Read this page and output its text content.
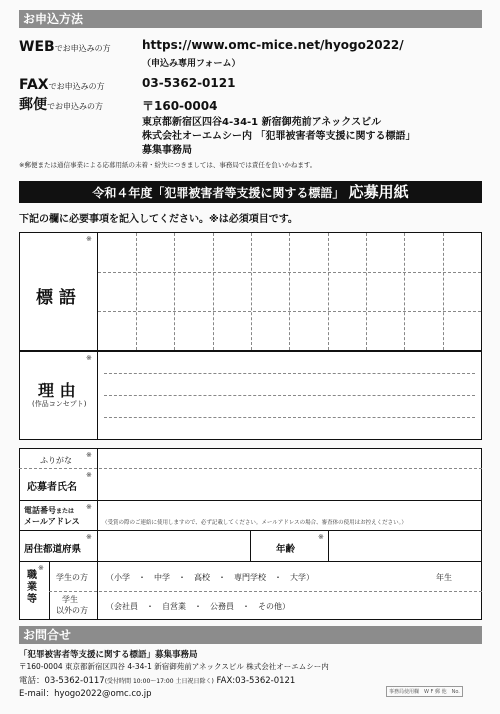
お申込方法
WEBでお申込みの方	https://www.omc-mice.net/hyogo2022/
（申込み専用フォーム）
FAXでお申込みの方	03-5362-0121
郵便でお申込みの方	〒160-0004
東京都新宿区四谷4-34-1 新宿御苑前アネックスビル
株式会社オーエムシー内 「犯罪被害者等支援に関する標語」
募集事務局
※郵便または通信事業による応募用紙の未着・紛失につきましては、事務局では責任を負いかねます。
令和４年度「犯罪被害者等支援に関する標語」 応募用紙
下記の欄に必要事項を記入してください。※は必須項目です。
標 語
※
理 由
(作品コンセプト)
※
ふりがな
※
応募者氏名
※
電話番号または
メールアドレス
※
（受賞の際のご連絡に使用しますので、必ず記載してください。メールアドレスの場合、審査体の使用はお控えください。）
居住都道府県
※
年齢
※
※
職業等
学生の方 （小学　・　中学　・　高校　・　専門学校　・　大学）	年生
学生
以外の方 （会社員　・　自営業　・　公務員　・　その他）
お問合せ
「犯罪被害者等支援に関する標語」募集事務局
〒160-0004 東京都新宿区四谷 4-34-1 新宿御苑前アネックスビル 株式会社オーエムシー内
電話：03-5362-0117(受付時間 10:00～17:00 土日祝日除く) FAX:03-5362-0121
E-mail：hyogo2022@omc.co.jp	事務局使用欄　W F 郵 他　No.
